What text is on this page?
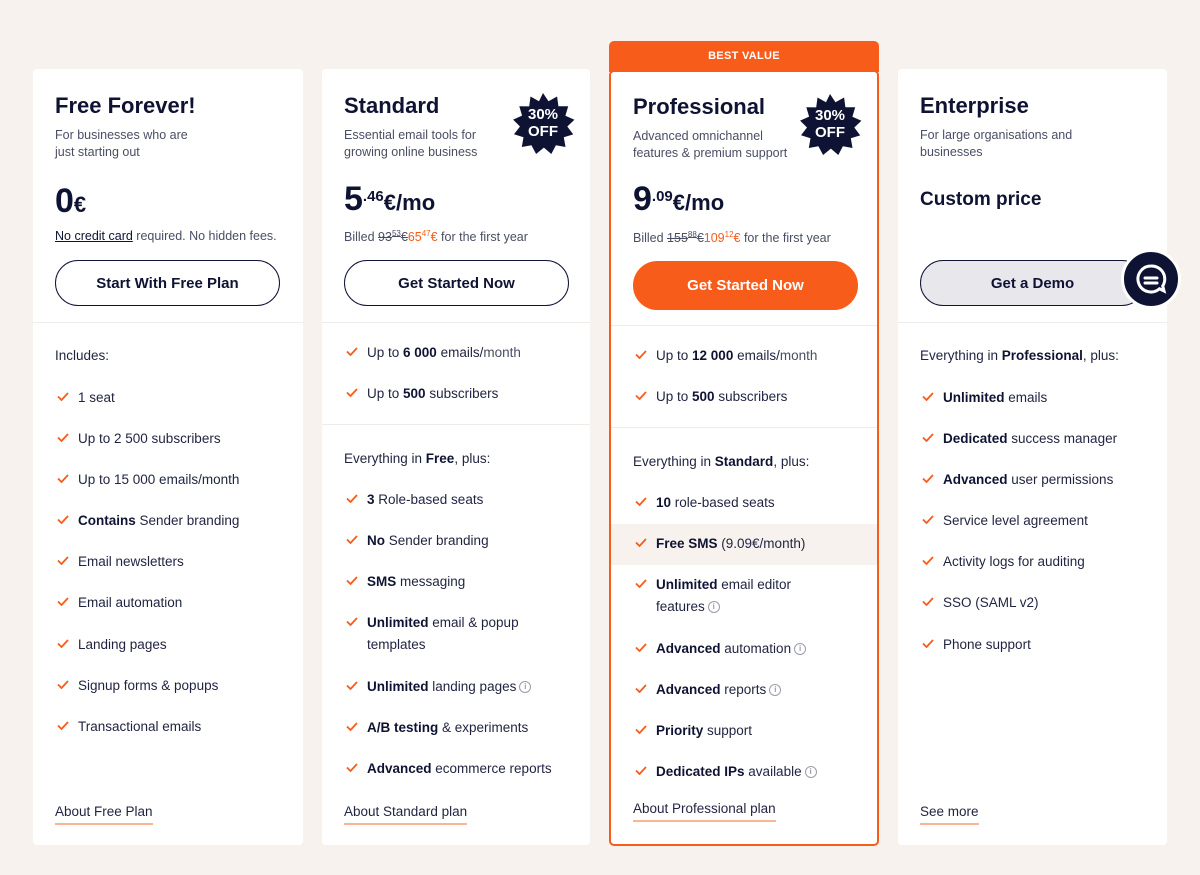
Free Forever!
For businesses who are just starting out
0€
No credit card required. No hidden fees.
Start With Free Plan
Includes:
1 seat
Up to 2 500 subscribers
Up to 15 000 emails/month
Contains Sender branding
Email newsletters
Email automation
Landing pages
Signup forms & popups
Transactional emails
About Free Plan
Standard
Essential email tools for growing online business
30%
OFF
$5^{.46}€/mo$
Billed $93^{53}€65^{47}€$ for the first year
Get Started Now
Up to 6 000 emails/month
Up to 500 subscribers
Everything in Free, plus:
3 Role-based seats
No Sender branding
SMS messaging
Unlimited email & popup templates
Unlimited landing pages i
A/B testing & experiments
Advanced ecommerce reports
About Standard plan
BEST VALUE
Professional
Advanced omnichannel features & premium support
30%
OFF
$9^{.09}€/mo$
Billed $155^{88}€109^{12}€$ for the first year
Get Started Now
Up to 12 000 emails/month
Up to 500 subscribers
Everything in Standard, plus:
10 role-based seats
Free SMS (9.09€/month)
Unlimited email editor features i
Advanced automation i
Advanced reports i
Priority support
Dedicated IPs available i
About Professional plan
Enterprise
For large organisations and businesses
Custom price
Get a Demo
Everything in Professional, plus:
Unlimited emails
Dedicated success manager
Advanced user permissions
Service level agreement
Activity logs for auditing
SSO (SAML v2)
Phone support
See more
